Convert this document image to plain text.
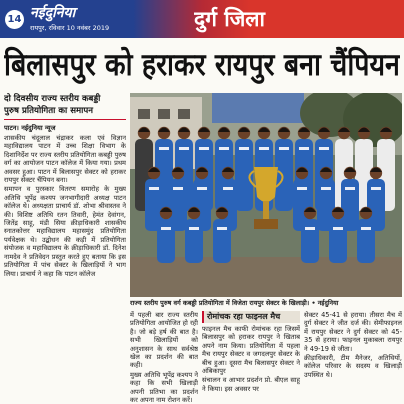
14 नईदुनिया
रायपुर, रविवार 10 नवंबर 2019	दुर्ग जिला
बिलासपुर को हराकर रायपुर बना चैंपियन
दो दिवसीय राज्य स्तरीय कबड्डी
पुरुष प्रतियोगिता का समापन
पाटन। नईदुनिया न्यूज

शासकीय चंदूलाल चंद्राकर कला एवं विज्ञान महाविद्यालय पाटन में उच्च शिक्षा विभाग के दिशानिर्देश पर राज्य स्तरीय प्रतियोगिता कबड्डी पुरुष वर्ग का आयोजन पाटन कॉलेज में किया गया। प्रथम अवसर हुआ। पाटन में बिलासपुर सेक्टर को हराकर रायपुर सेक्टर चैंपियन बना।

समापन व पुरस्कार वितरण समारोह के मुख्य अतिथि भूपेंद्र कश्यप जनभागीदारी अध्यक्ष पाटन कॉलेज थे। अध्यक्षता प्राचार्य डॉ. शोभा श्रीवास्तव ने की। विशिष्ट अतिथि रतन तिवारी, हेमंत देवांगन, जितेंद्र साहू, मंडी सिया क्रीड़ाधिकारी शासकीय स्नातकोत्तर महाविद्यालय महासमुंद प्रतियोगिता पर्यवेक्षक थे। उद्बोधन की कड़ी में प्रतियोगिता संयोजक व महाविद्यालय के क्रीड़ाधिकारी डॉ. दिनेश नामदेव ने प्रतिवेदन प्रस्तुत करते हुए बताया कि इस प्रतियोगिता में पांच सेक्टर के खिलाड़ियों ने भाग लिया। प्राचार्य ने कहा कि पाटन कॉलेज

राज्य स्तरीय पुरुष वर्ग कबड्डी प्रतियोगिता में विजेता रायपुर सेक्टर के खिलाड़ी। • नईदुनिया

में पहली बार राज्य स्तरीय प्रतियोगिता आयोजित हो रही है। जो बड़े हर्ष की बात है। सभी खिलाड़ियों को अनुशासन के साथ सर्वश्रेष्ठ खेल का प्रदर्शन की बात कही।

मुख्य अतिथि भूपेंद्र कश्यप ने कहा कि सभी खिलाड़ी अपनी प्रतिभा का प्रदर्शन कर अपना नाम रोशन करें।

रोमांचक रहा फाइनल मैच

फाइनल मैच काफी रोमांचक रहा जिसमें बिलासपुर को हराकर रायपुर ने खिताब अपने नाम किया। प्रतियोगिता में पहला मैच रायपुर सेक्टर व जगदलपुर सेक्टर के बीच हुआ। दूसरा मैच बिलासपुर सेक्टर ने अंबिकापुर

संचालन व आभार प्रदर्शन प्रो. बीएल साहू ने किया। इस अवसर पर

सेक्टर 45-41 से हराया। तीसरा मैच में दुर्ग सेक्टर ने जीत दर्ज की। सेमीफाइनल में रायपुर सेक्टर ने दुर्ग सेक्टर को 45-35 से हराया। फाइनल मुकाबला रायपुर ने 49-19 से जीता।

क्रीड़ाधिकारी, टीम मैनेजर, अतिथियों, कॉलेज परिवार के सदस्य व खिलाड़ी उपस्थित थे।
